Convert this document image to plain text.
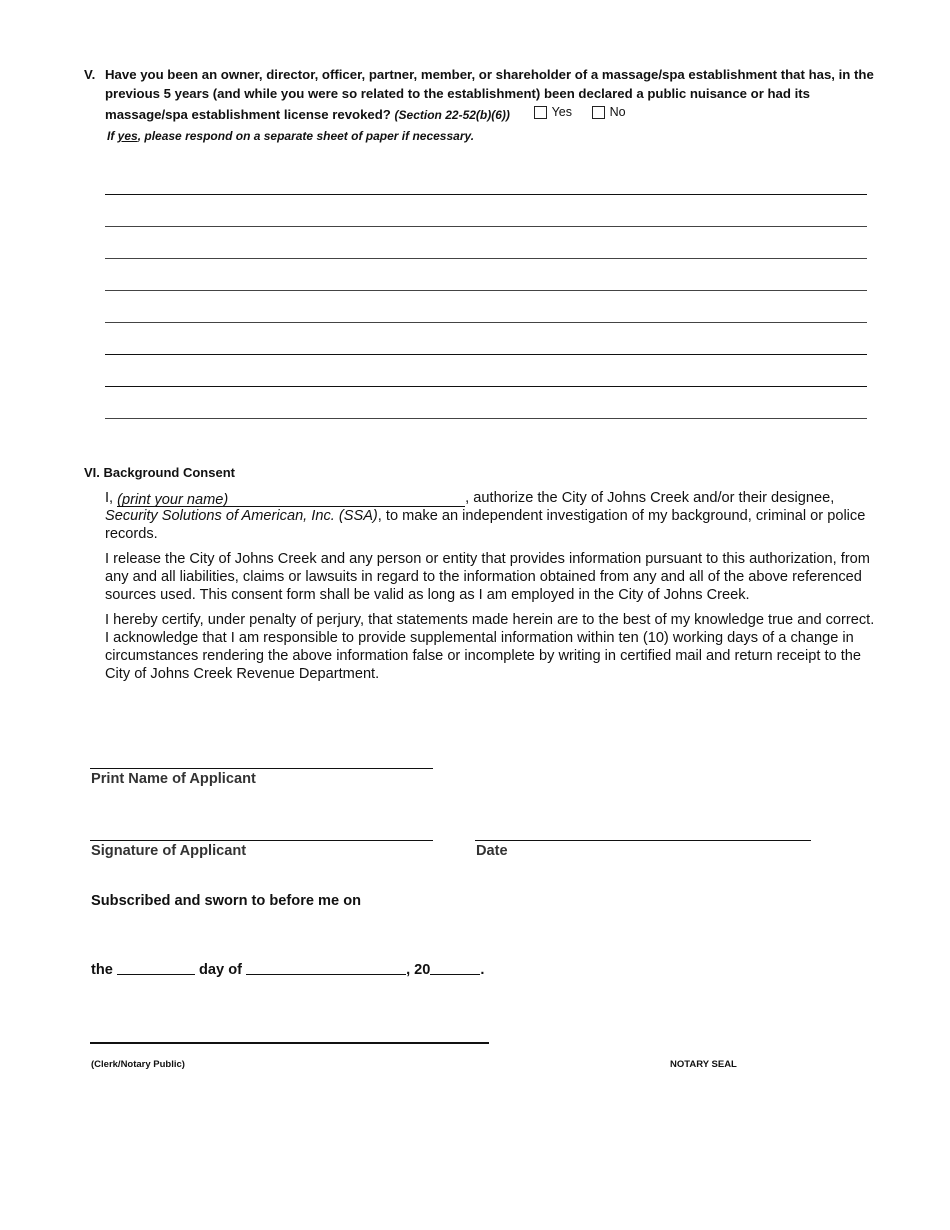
V. Have you been an owner, director, officer, partner, member, or shareholder of a massage/spa establishment that has, in the previous 5 years (and while you were so related to the establishment) been declared a public nuisance or had its massage/spa establishment license revoked? (Section 22-52(b)(6))	Yes
	No
If yes, please respond on a separate sheet of paper if necessary.
VI. Background Consent

I, (print your name)	, authorize the City of Johns Creek and/or their designee, Security Solutions of American, Inc. (SSA), to make an independent investigation of my background, criminal or police records.

I release the City of Johns Creek and any person or entity that provides information pursuant to this authorization, from any and all liabilities, claims or lawsuits in regard to the information obtained from any and all of the above referenced sources used. This consent form shall be valid as long as I am employed in the City of Johns Creek.

I hereby certify, under penalty of perjury, that statements made herein are to the best of my knowledge true and correct. I acknowledge that I am responsible to provide supplemental information within ten (10) working days of a change in circumstances rendering the above information false or incomplete by writing in certified mail and return receipt to the City of Johns Creek Revenue Department.

Print Name of Applicant
Signature of Applicant	Date
Subscribed and sworn to before me on
the	day of	, 20	.
(Clerk/Notary Public)	NOTARY SEAL
